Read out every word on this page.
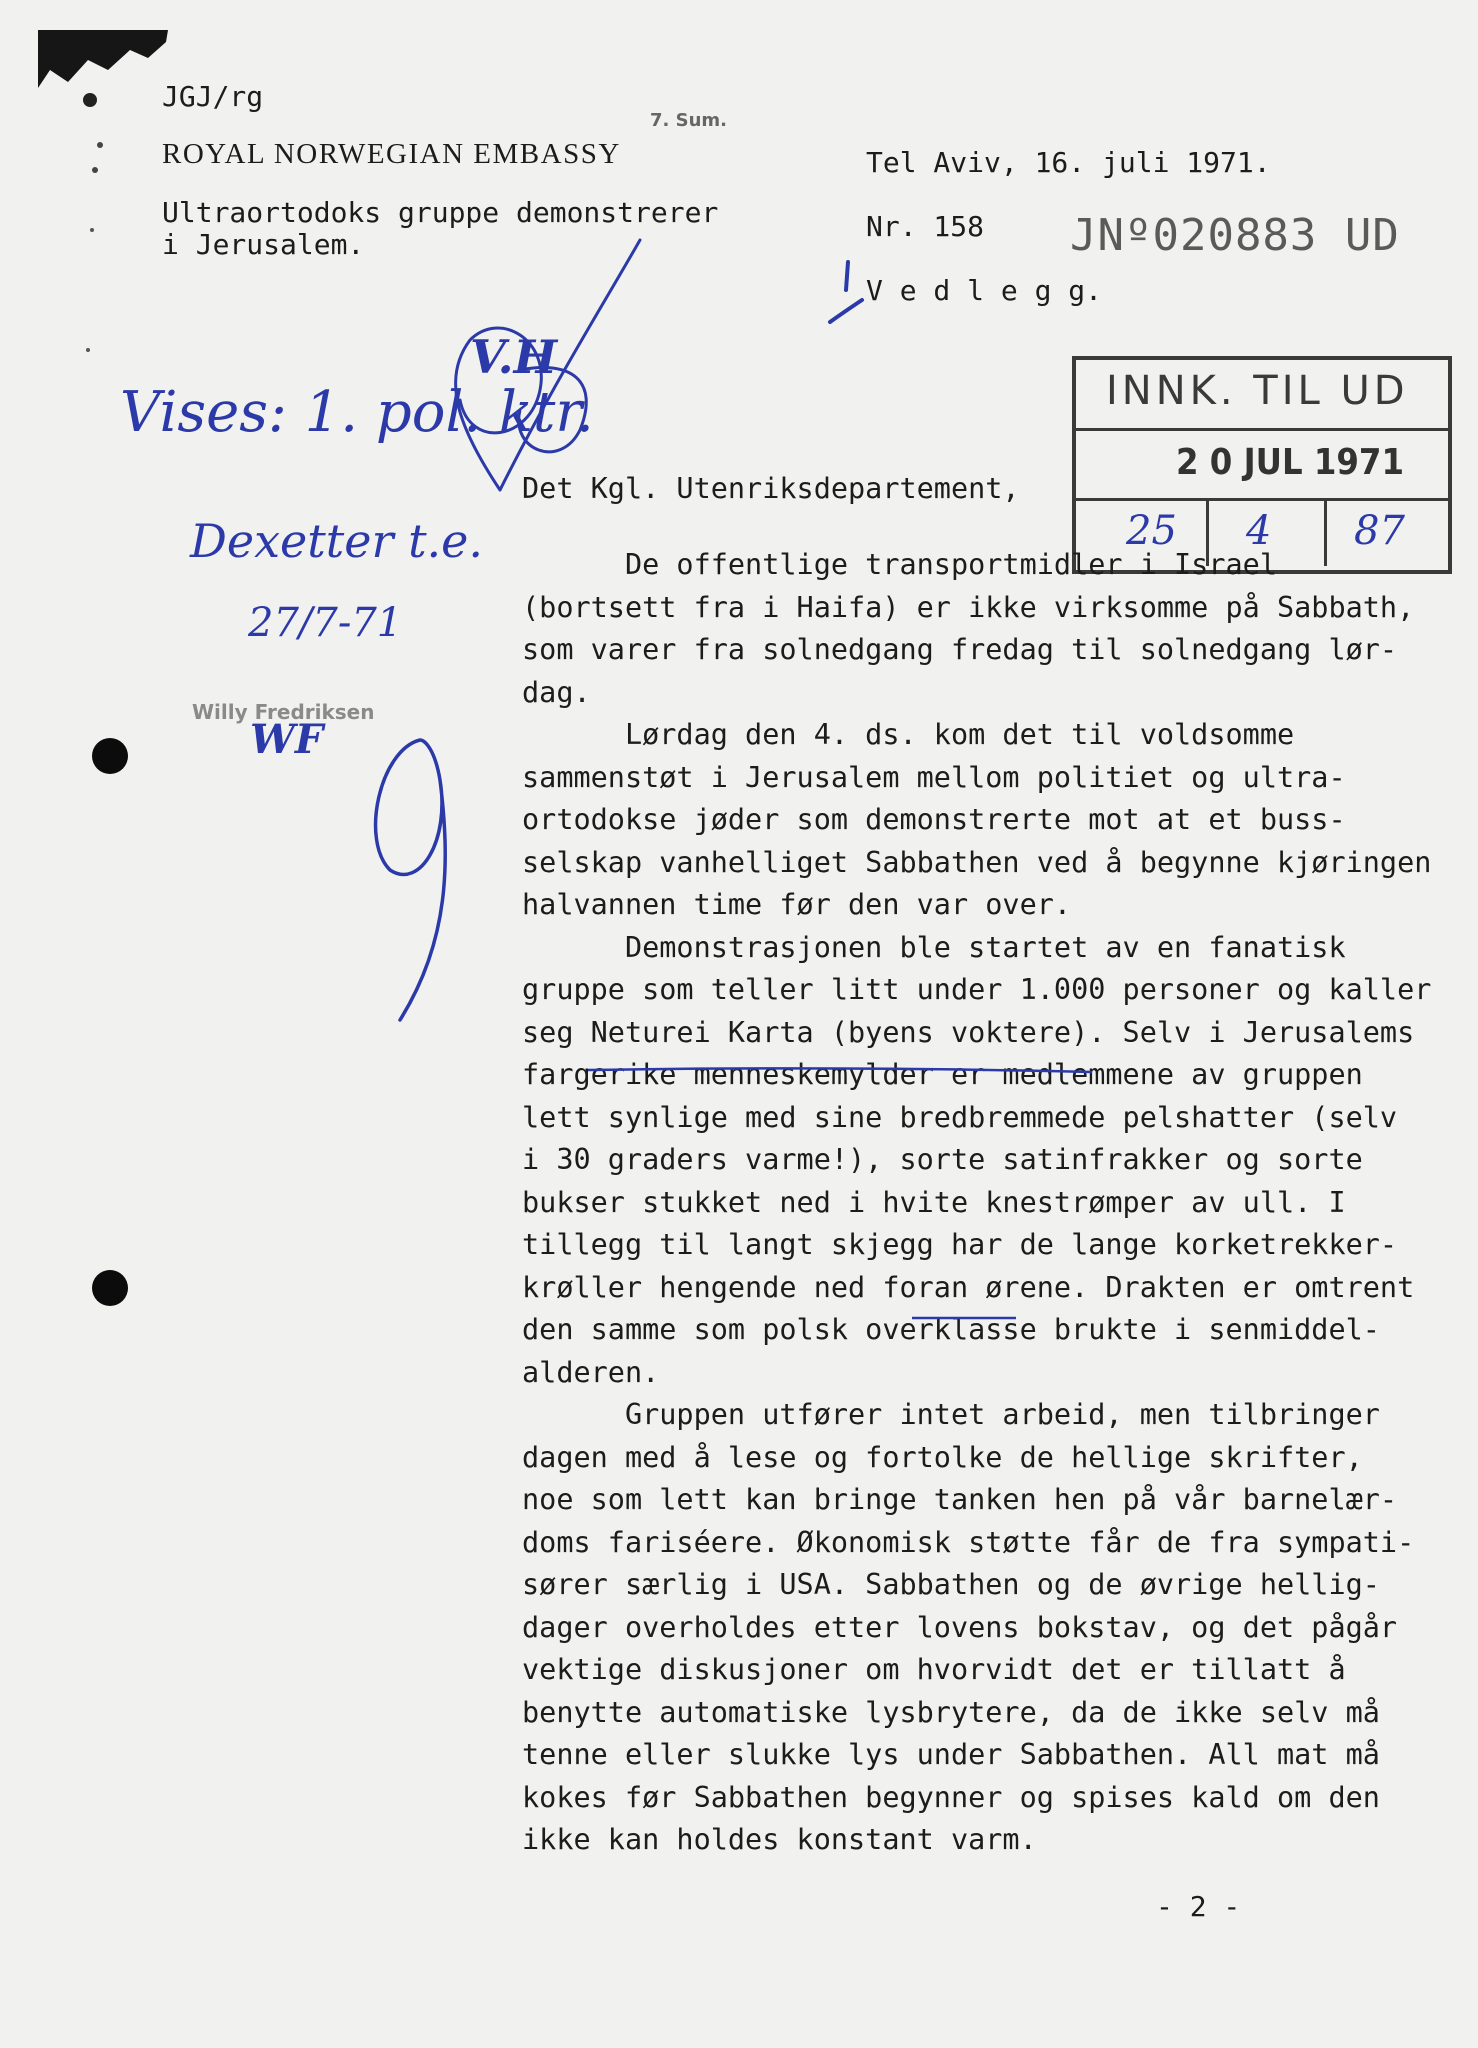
JGJ/rg
ROYAL NORWEGIAN EMBASSY
Ultraortodoks gruppe demonstrerer
i Jerusalem.
Tel Aviv, 16. juli 1971.
Nr. 158
V e d l e g g.
7. Sum.
JNº020883 UD
INNK. TIL UD
2 0 JUL 1971
25 4 87
Vises: 1. pol. ktr.
Dexetter t.e.
27/7-71
V.H
Willy Fredriksen
WF
Det Kgl. Utenriksdepartement,
De offentlige transportmidler i Israel
(bortsett fra i Haifa) er ikke virksomme på Sabbath,
som varer fra solnedgang fredag til solnedgang lør-
dag.
Lørdag den 4. ds. kom det til voldsomme
sammenstøt i Jerusalem mellom politiet og ultra-
ortodokse jøder som demonstrerte mot at et buss-
selskap vanhelliget Sabbathen ved å begynne kjøringen
halvannen time før den var over.
Demonstrasjonen ble startet av en fanatisk
gruppe som teller litt under 1.000 personer og kaller
seg Neturei Karta (byens voktere). Selv i Jerusalems
fargerike menneskemylder er medlemmene av gruppen
lett synlige med sine bredbremmede pelshatter (selv
i 30 graders varme!), sorte satinfrakker og sorte
bukser stukket ned i hvite knestrømper av ull. I
tillegg til langt skjegg har de lange korketrekker-
krøller hengende ned foran ørene. Drakten er omtrent
den samme som polsk overklasse brukte i senmiddel-
alderen.
Gruppen utfører intet arbeid, men tilbringer
dagen med å lese og fortolke de hellige skrifter,
noe som lett kan bringe tanken hen på vår barnelær-
doms fariséere. Økonomisk støtte får de fra sympati-
sører særlig i USA. Sabbathen og de øvrige hellig-
dager overholdes etter lovens bokstav, og det pågår
vektige diskusjoner om hvorvidt det er tillatt å
benytte automatiske lysbrytere, da de ikke selv må
tenne eller slukke lys under Sabbathen. All mat må
kokes før Sabbathen begynner og spises kald om den
ikke kan holdes konstant varm.
- 2 -
